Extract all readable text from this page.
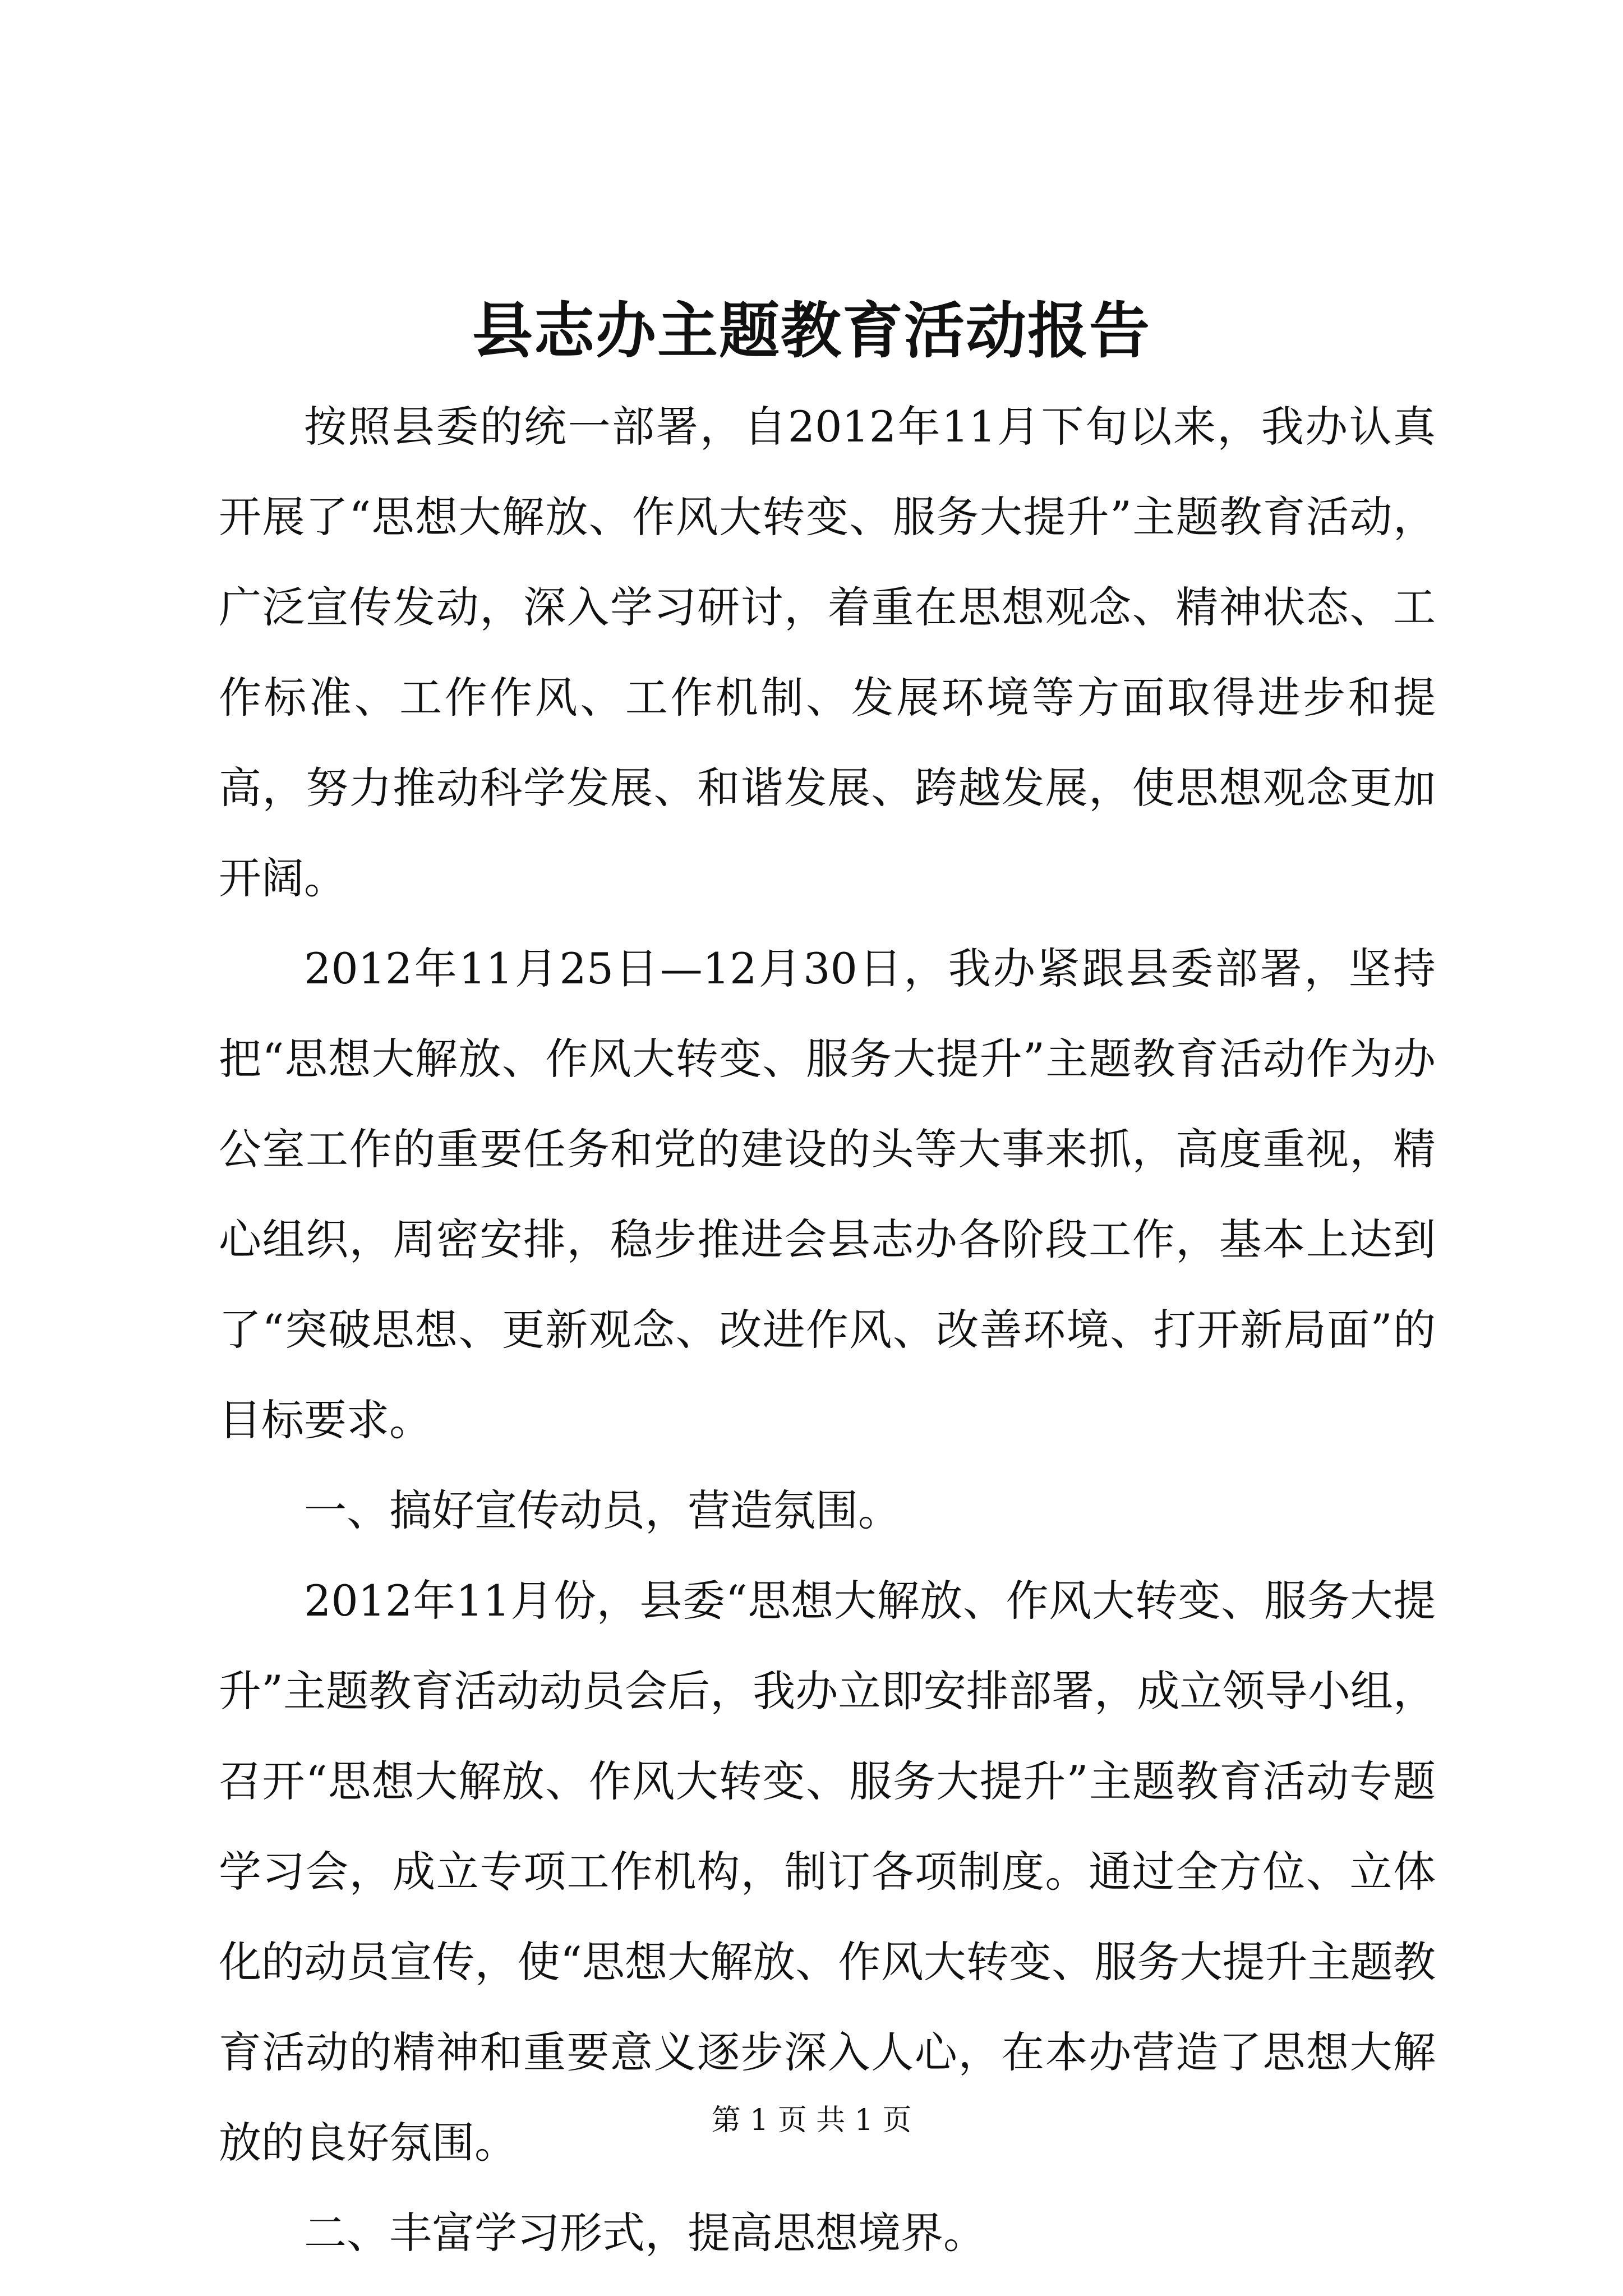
县志办主题教育活动报告

按照县委的统一部署，自2012年11月下旬以来，我办认真开展了“思想大解放、作风大转变、服务大提升”主题教育活动，广泛宣传发动，深入学习研讨，着重在思想观念、精神状态、工作标准、工作作风、工作机制、发展环境等方面取得进步和提高，努力推动科学发展、和谐发展、跨越发展，使思想观念更加开阔。

2012年11月25日—12月30日，我办紧跟县委部署，坚持把“思想大解放、作风大转变、服务大提升”主题教育活动作为办公室工作的重要任务和党的建设的头等大事来抓，高度重视，精心组织，周密安排，稳步推进会县志办各阶段工作，基本上达到了“突破思想、更新观念、改进作风、改善环境、打开新局面”的目标要求。

一、搞好宣传动员，营造氛围。

2012年11月份，县委“思想大解放、作风大转变、服务大提升”主题教育活动动员会后，我办立即安排部署，成立领导小组，召开“思想大解放、作风大转变、服务大提升”主题教育活动专题学习会，成立专项工作机构，制订各项制度。通过全方位、立体化的动员宣传，使“思想大解放、作风大转变、服务大提升主题教育活动的精神和重要意义逐步深入人心，在本办营造了思想大解放的良好氛围。

二、丰富学习形式，提高思想境界。

第 1 页 共 1 页
